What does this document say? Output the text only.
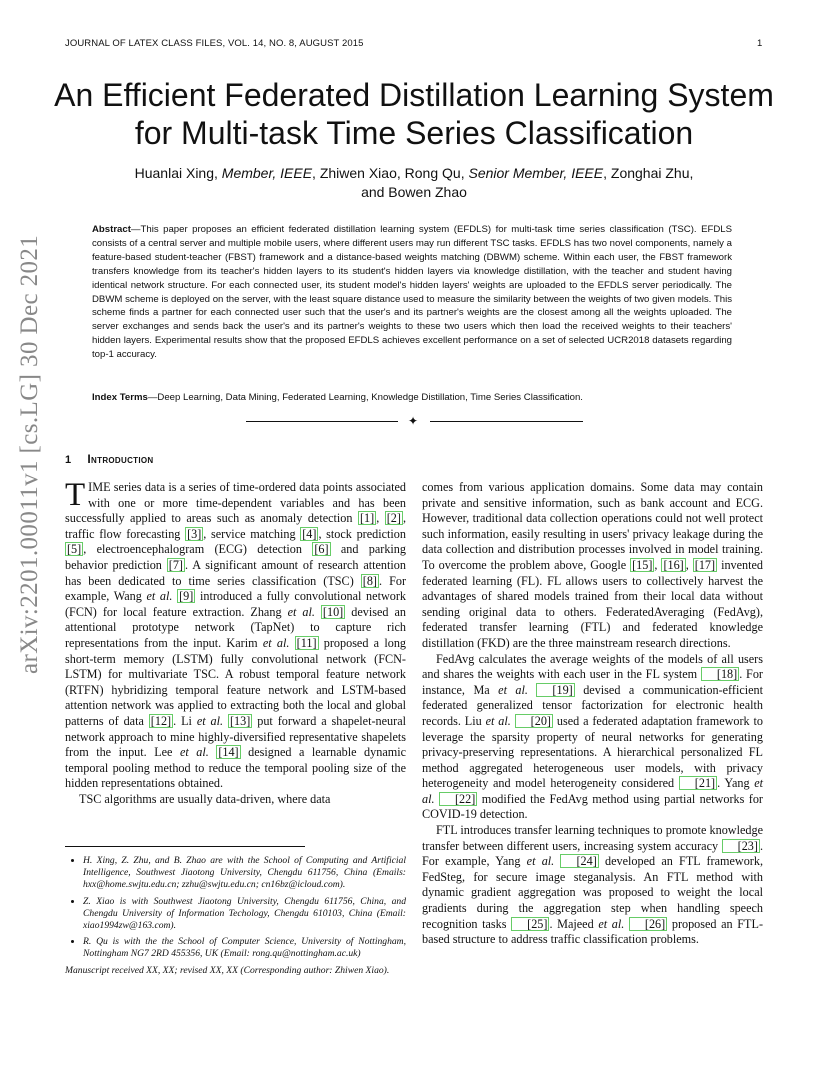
JOURNAL OF LATEX CLASS FILES, VOL. 14, NO. 8, AUGUST 2015	1
arXiv:2201.00011v1 [cs.LG] 30 Dec 2021
An Efficient Federated Distillation Learning System for Multi-task Time Series Classification
Huanlai Xing, Member, IEEE, Zhiwen Xiao, Rong Qu, Senior Member, IEEE, Zonghai Zhu,
and Bowen Zhao
Abstract—This paper proposes an efficient federated distillation learning system (EFDLS) for multi-task time series classification (TSC). EFDLS consists of a central server and multiple mobile users, where different users may run different TSC tasks. EFDLS has two novel components, namely a feature-based student-teacher (FBST) framework and a distance-based weights matching (DBWM) scheme. Within each user, the FBST framework transfers knowledge from its teacher's hidden layers to its student's hidden layers via knowledge distillation, with the teacher and student having identical network structure. For each connected user, its student model's hidden layers' weights are uploaded to the EFDLS server periodically. The DBWM scheme is deployed on the server, with the least square distance used to measure the similarity between the weights of two given models. This scheme finds a partner for each connected user such that the user's and its partner's weights are the closest among all the weights uploaded. The server exchanges and sends back the user's and its partner's weights to these two users which then load the received weights to their teachers' hidden layers. Experimental results show that the proposed EFDLS achieves excellent performance on a set of selected UCR2018 datasets regarding top-1 accuracy.
Index Terms—Deep Learning, Data Mining, Federated Learning, Knowledge Distillation, Time Series Classification.
✦
1 Introduction

TIME series data is a series of time-ordered data points associated with one or more time-dependent variables and has been successfully applied to areas such as anomaly detection [1] , [2] , traffic flow forecasting [3] , service matching [4] , stock prediction [5] , electroencephalogram (ECG) detection [6] and parking behavior prediction [7] . A significant amount of research attention has been dedicated to time series classification (TSC) [8] . For example, Wang et al. [9] introduced a fully convolutional network (FCN) for local feature extraction. Zhang et al. [10] devised an attentional prototype network (TapNet) to capture rich representations from the input. Karim et al. [11] proposed a long short-term memory (LSTM) fully convolutional network (FCN-LSTM) for multivariate TSC. A robust temporal feature network (RTFN) hybridizing temporal feature network and LSTM-based attention network was applied to extracting both the local and global patterns of data [12] . Li et al. [13] put forward a shapelet-neural network approach to mine highly-diversified representative shapelets from the input. Lee et al. [14] designed a learnable dynamic temporal pooling method to reduce the temporal pooling size of the hidden representations obtained.

TSC algorithms are usually data-driven, where data

• H. Xing, Z. Zhu, and B. Zhao are with the School of Computing and Artificial Intelligence, Southwest Jiaotong University, Chengdu 611756, China (Emails: hxx@home.swjtu.edu.cn; zzhu@swjtu.edu.cn; cn16bz@icloud.com).
• Z. Xiao is with Southwest Jiaotong University, Chengdu 611756, China, and Chengdu University of Information Techology, Chengdu 610103, China (Email: xiao1994zw@163.com).
• R. Qu is with the the School of Computer Science, University of Nottingham, Nottingham NG7 2RD 455356, UK (Email: rong.qu@nottingham.ac.uk)
Manuscript received XX, XX; revised XX, XX (Corresponding author: Zhiwen Xiao).

comes from various application domains. Some data may contain private and sensitive information, such as bank account and ECG. However, traditional data collection operations could not well protect such information, easily resulting in users' privacy leakage during the data collection and distribution processes involved in model training. To overcome the problem above, Google [15] , [16] , [17] invented federated learning (FL). FL allows users to collectively harvest the advantages of shared models trained from their local data without sending original data to others. FederatedAveraging (FedAvg), federated transfer learning (FTL) and federated knowledge distillation (FKD) are the three mainstream research directions.

FedAvg calculates the average weights of the models of all users and shares the weights with each user in the FL system [18] . For instance, Ma et al. [19] devised a communication-efficient federated generalized tensor factorization for electronic health records. Liu et al. [20] used a federated adaptation framework to leverage the sparsity property of neural networks for generating privacy-preserving representations. A hierarchical personalized FL method aggregated heterogeneous user models, with privacy heterogeneity and model heterogeneity considered [21] . Yang et al. [22] modified the FedAvg method using partial networks for COVID-19 detection.

FTL introduces transfer learning techniques to promote knowledge transfer between different users, increasing system accuracy [23] . For example, Yang et al. [24] developed an FTL framework, FedSteg, for secure image steganalysis. An FTL method with dynamic gradient aggregation was proposed to weight the local gradients during the aggregation step when handling speech recognition tasks [25] . Majeed et al. [26] proposed an FTL-based structure to address traffic classification problems.
